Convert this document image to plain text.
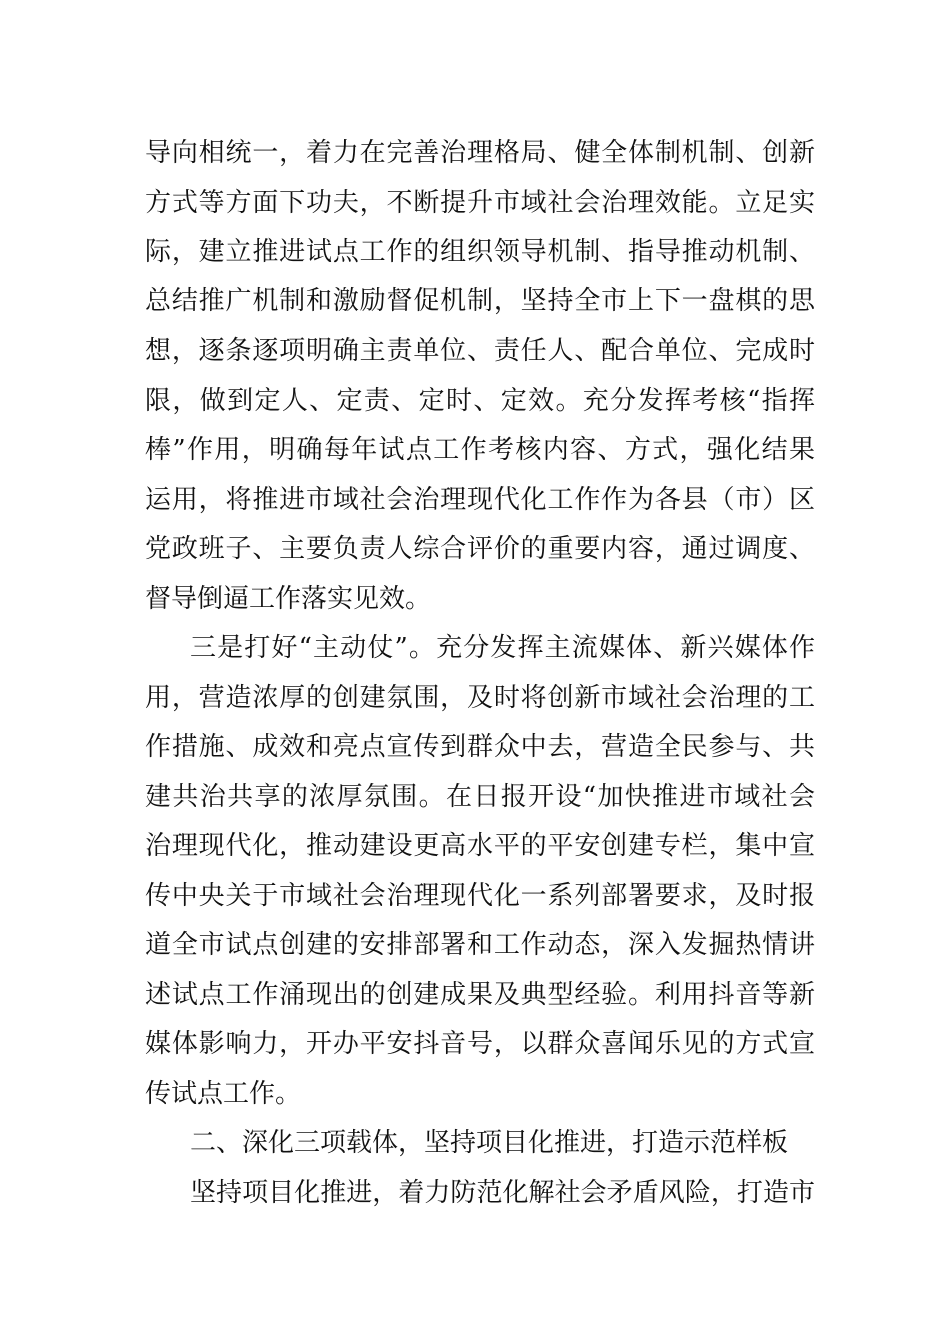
导向相统一，着力在完善治理格局、健全体制机制、创新
方式等方面下功夫，不断提升市域社会治理效能。立足实
际，建立推进试点工作的组织领导机制、指导推动机制、
总结推广机制和激励督促机制，坚持全市上下一盘棋的思
想，逐条逐项明确主责单位、责任人、配合单位、完成时
限，做到定人、定责、定时、定效。充分发挥考核“指挥
棒”作用，明确每年试点工作考核内容、方式，强化结果
运用，将推进市域社会治理现代化工作作为各县（市）区
党政班子、主要负责人综合评价的重要内容，通过调度、
督导倒逼工作落实见效。
三是打好“主动仗”。充分发挥主流媒体、新兴媒体作
用，营造浓厚的创建氛围，及时将创新市域社会治理的工
作措施、成效和亮点宣传到群众中去，营造全民参与、共
建共治共享的浓厚氛围。在日报开设“加快推进市域社会
治理现代化，推动建设更高水平的平安创建专栏，集中宣
传中央关于市域社会治理现代化一系列部署要求，及时报
道全市试点创建的安排部署和工作动态，深入发掘热情讲
述试点工作涌现出的创建成果及典型经验。利用抖音等新
媒体影响力，开办平安抖音号，以群众喜闻乐见的方式宣
传试点工作。
二、深化三项载体，坚持项目化推进，打造示范样板
坚持项目化推进，着力防范化解社会矛盾风险，打造市
